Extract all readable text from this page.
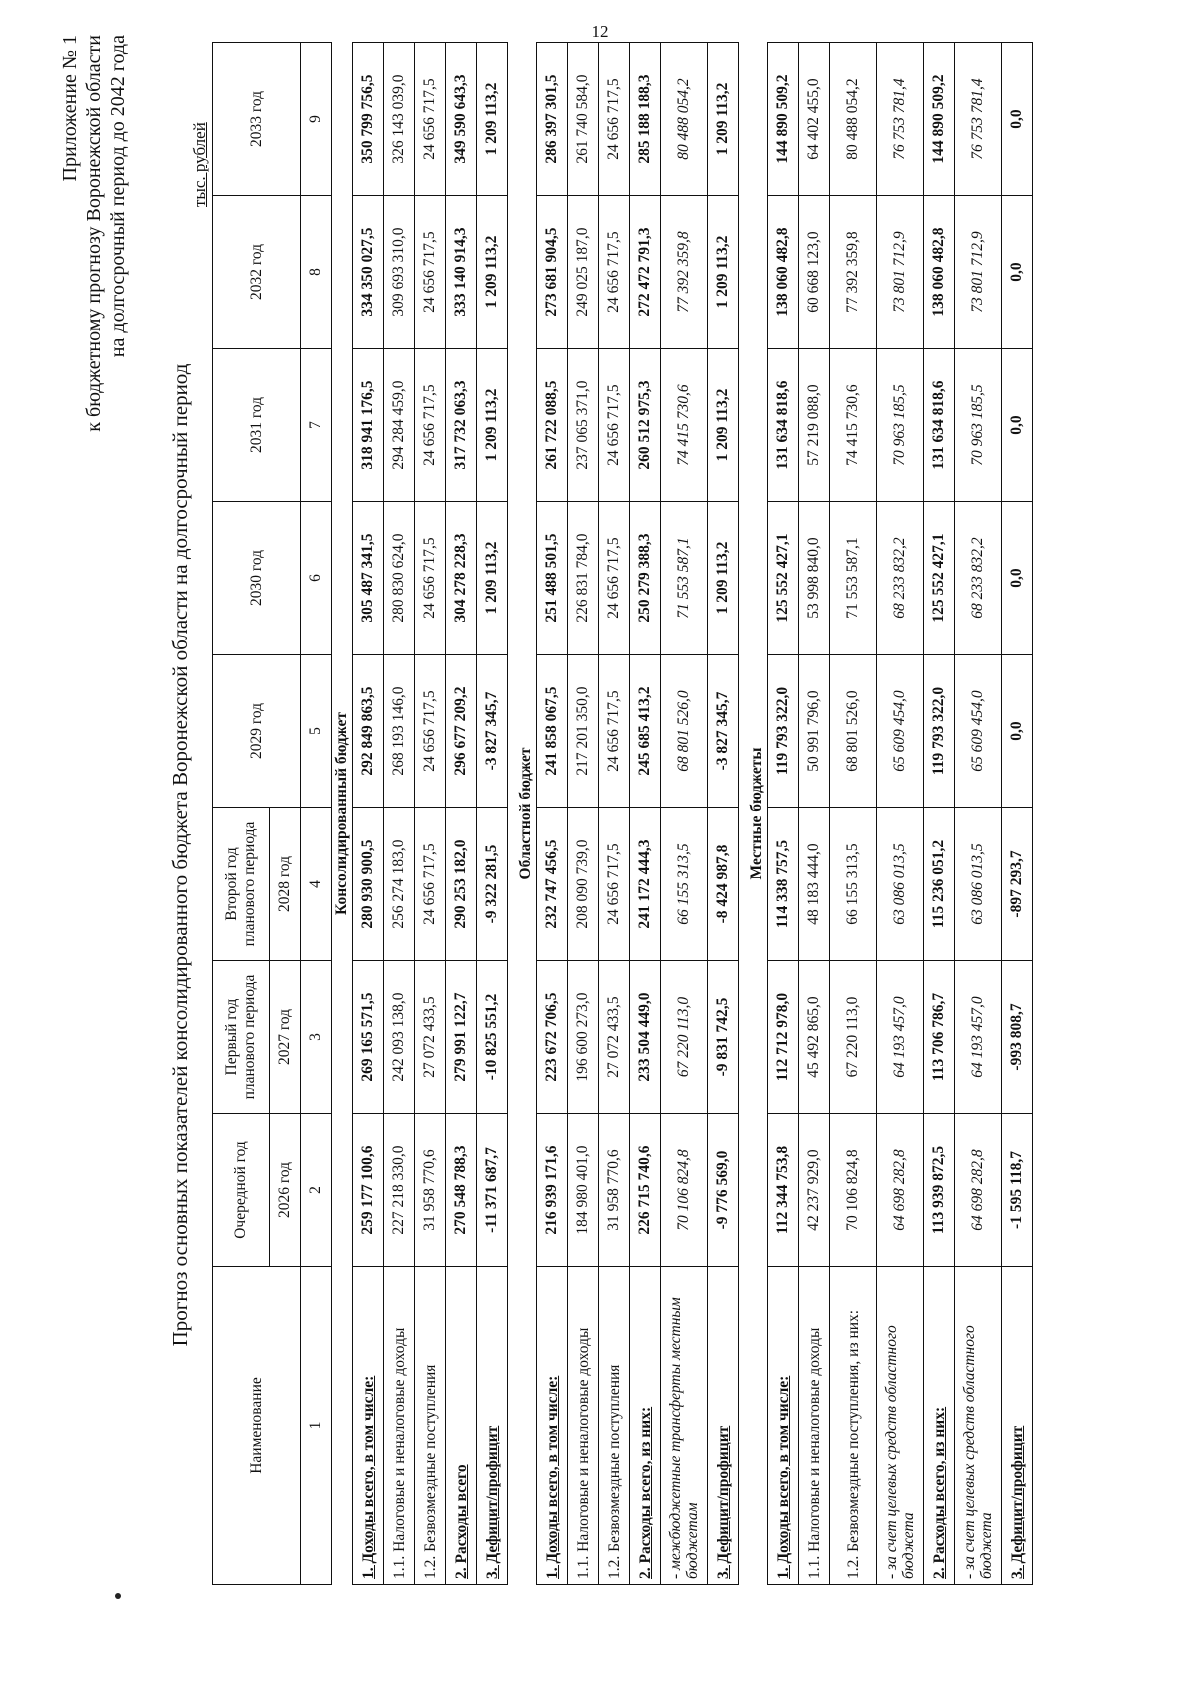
12
Приложение № 1 к бюджетному прогнозу Воронежской области на долгосрочный период до 2042 года
Прогноз основных показателей консолидированного бюджета Воронежской области на долгосрочный период
тыс. рублей
Наименование	Очередной год	Первый год планового периода	Второй год планового периода	2029 год	2030 год	2031 год	2032 год	2033 год
	2026 год	2027 год	2028 год					
1	2	3	4	5	6	7	8	9
Консолидированный бюджет								
1. Доходы всего, в том числе:	259 177 100,6	269 165 571,5	280 930 900,5	292 849 863,5	305 487 341,5	318 941 176,5	334 350 027,5	350 799 756,5
1.1. Налоговые и неналоговые доходы	227 218 330,0	242 093 138,0	256 274 183,0	268 193 146,0	280 830 624,0	294 284 459,0	309 693 310,0	326 143 039,0
1.2. Безвозмездные поступления	31 958 770,6	27 072 433,5	24 656 717,5	24 656 717,5	24 656 717,5	24 656 717,5	24 656 717,5	24 656 717,5
2. Расходы всего	270 548 788,3	279 991 122,7	290 253 182,0	296 677 209,2	304 278 228,3	317 732 063,3	333 140 914,3	349 590 643,3
3. Дефицит/профицит	-11 371 687,7	-10 825 551,2	-9 322 281,5	-3 827 345,7	1 209 113,2	1 209 113,2	1 209 113,2	1 209 113,2

Областной бюджет								
1. Доходы всего, в том числе:	216 939 171,6	223 672 706,5	232 747 456,5	241 858 067,5	251 488 501,5	261 722 088,5	273 681 904,5	286 397 301,5
1.1. Налоговые и неналоговые доходы	184 980 401,0	196 600 273,0	208 090 739,0	217 201 350,0	226 831 784,0	237 065 371,0	249 025 187,0	261 740 584,0
1.2. Безвозмездные поступления	31 958 770,6	27 072 433,5	24 656 717,5	24 656 717,5	24 656 717,5	24 656 717,5	24 656 717,5	24 656 717,5
2. Расходы всего, из них:	226 715 740,6	233 504 449,0	241 172 444,3	245 685 413,2	250 279 388,3	260 512 975,3	272 472 791,3	285 188 188,3
- межбюджетные трансферты местным бюджетам	70 106 824,8	67 220 113,0	66 155 313,5	68 801 526,0	71 553 587,1	74 415 730,6	77 392 359,8	80 488 054,2
3. Дефицит/профицит	-9 776 569,0	-9 831 742,5	-8 424 987,8	-3 827 345,7	1 209 113,2	1 209 113,2	1 209 113,2	1 209 113,2

Местные бюджеты								
1. Доходы всего, в том числе:	112 344 753,8	112 712 978,0	114 338 757,5	119 793 322,0	125 552 427,1	131 634 818,6	138 060 482,8	144 890 509,2
1.1. Налоговые и неналоговые доходы	42 237 929,0	45 492 865,0	48 183 444,0	50 991 796,0	53 998 840,0	57 219 088,0	60 668 123,0	64 402 455,0
1.2. Безвозмездные поступления, из них:	70 106 824,8	67 220 113,0	66 155 313,5	68 801 526,0	71 553 587,1	74 415 730,6	77 392 359,8	80 488 054,2
- за счет целевых средств областного бюджета	64 698 282,8	64 193 457,0	63 086 013,5	65 609 454,0	68 233 832,2	70 963 185,5	73 801 712,9	76 753 781,4
2. Расходы всего, из них:	113 939 872,5	113 706 786,7	115 236 051,2	119 793 322,0	125 552 427,1	131 634 818,6	138 060 482,8	144 890 509,2
- за счет целевых средств областного бюджета	64 698 282,8	64 193 457,0	63 086 013,5	65 609 454,0	68 233 832,2	70 963 185,5	73 801 712,9	76 753 781,4
3. Дефицит/профицит	-1 595 118,7	-993 808,7	-897 293,7	0,0	0,0	0,0	0,0	0,0
